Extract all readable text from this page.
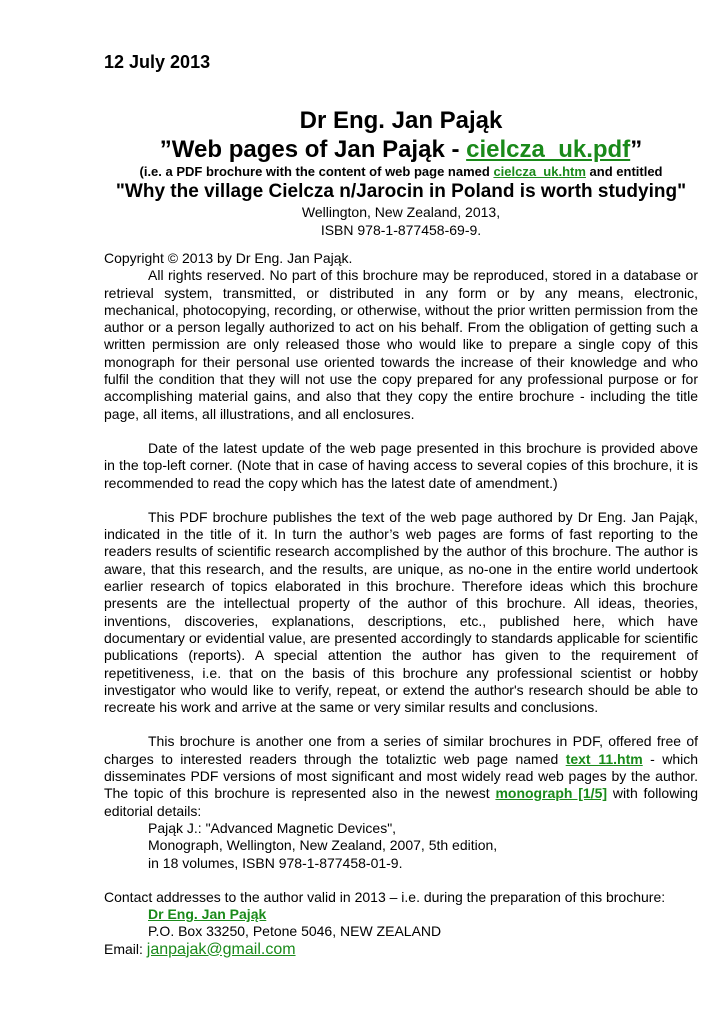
12 July 2013
Dr Eng. Jan Pająk
”Web pages of Jan Pająk - cielcza_uk.pdf”
(i.e. a PDF brochure with the content of web page named cielcza_uk.htm and entitled
"Why the village Cielcza n/Jarocin in Poland is worth studying"
Wellington, New Zealand, 2013,
ISBN 978-1-877458-69-9.

Copyright © 2013 by Dr Eng. Jan Pająk.

All rights reserved. No part of this brochure may be reproduced, stored in a database or retrieval system, transmitted, or distributed in any form or by any means, electronic, mechanical, photocopying, recording, or otherwise, without the prior written permission from the author or a person legally authorized to act on his behalf. From the obligation of getting such a written permission are only released those who would like to prepare a single copy of this monograph for their personal use oriented towards the increase of their knowledge and who fulfil the condition that they will not use the copy prepared for any professional purpose or for accomplishing material gains, and also that they copy the entire brochure - including the title page, all items, all illustrations, and all enclosures.

Date of the latest update of the web page presented in this brochure is provided above in the top-left corner. (Note that in case of having access to several copies of this brochure, it is recommended to read the copy which has the latest date of amendment.)

This PDF brochure publishes the text of the web page authored by Dr Eng. Jan Pająk, indicated in the title of it. In turn the author’s web pages are forms of fast reporting to the readers results of scientific research accomplished by the author of this brochure. The author is aware, that this research, and the results, are unique, as no-one in the entire world undertook earlier research of topics elaborated in this brochure. Therefore ideas which this brochure presents are the intellectual property of the author of this brochure. All ideas, theories, inventions, discoveries, explanations, descriptions, etc., published here, which have documentary or evidential value, are presented accordingly to standards applicable for scientific publications (reports). A special attention the author has given to the requirement of repetitiveness, i.e. that on the basis of this brochure any professional scientist or hobby investigator who would like to verify, repeat, or extend the author's research should be able to recreate his work and arrive at the same or very similar results and conclusions.

This brochure is another one from a series of similar brochures in PDF, offered free of charges to interested readers through the totaliztic web page named text_11.htm - which disseminates PDF versions of most significant and most widely read web pages by the author. The topic of this brochure is represented also in the newest monograph [1/5] with following editorial details:

Pająk J.: "Advanced Magnetic Devices",

Monograph, Wellington, New Zealand, 2007, 5th edition,

in 18 volumes, ISBN 978-1-877458-01-9.

Contact addresses to the author valid in 2013 – i.e. during the preparation of this brochure:

Dr Eng. Jan Pająk

P.O. Box 33250, Petone 5046, NEW ZEALAND

Email: janpajak@gmail.com
